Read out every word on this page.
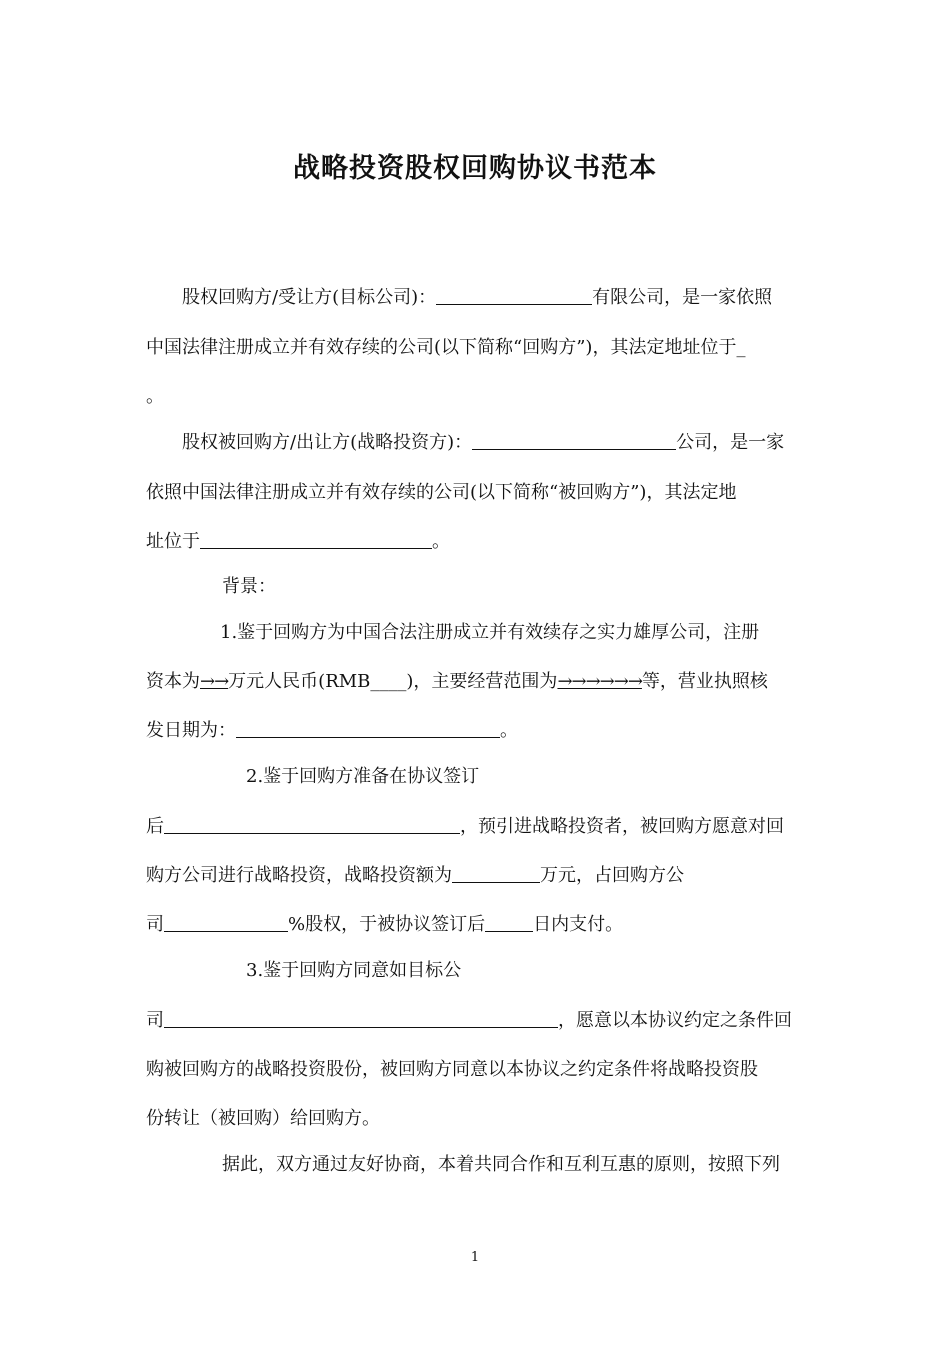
战略投资股权回购协议书范本
股权回购方/受让方(目标公司)：	有限公司，是一家依照
中国法律注册成立并有效存续的公司(以下简称“回购方”)，其法定地址位于_
。
股权被回购方/出让方(战略投资方)：	公司，是一家
依照中国法律注册成立并有效存续的公司(以下简称“被回购方”)，其法定地
址位于	。
背景：
1.鉴于回购方为中国合法注册成立并有效续存之实力雄厚公司，注册
资本为→→万元人民币(RMB____)，主要经营范围为→→→→→→等，营业执照核
发日期为：	。
2.鉴于回购方准备在协议签订
后	，预引进战略投资者，被回购方愿意对回
购方公司进行战略投资，战略投资额为	万元，占回购方公
司	%股权，于被协议签订后	日内支付。
3.鉴于回购方同意如目标公
司	，愿意以本协议约定之条件回
购被回购方的战略投资股份，被回购方同意以本协议之约定条件将战略投资股
份转让（被回购）给回购方。
据此，双方通过友好协商，本着共同合作和互利互惠的原则，按照下列
1
